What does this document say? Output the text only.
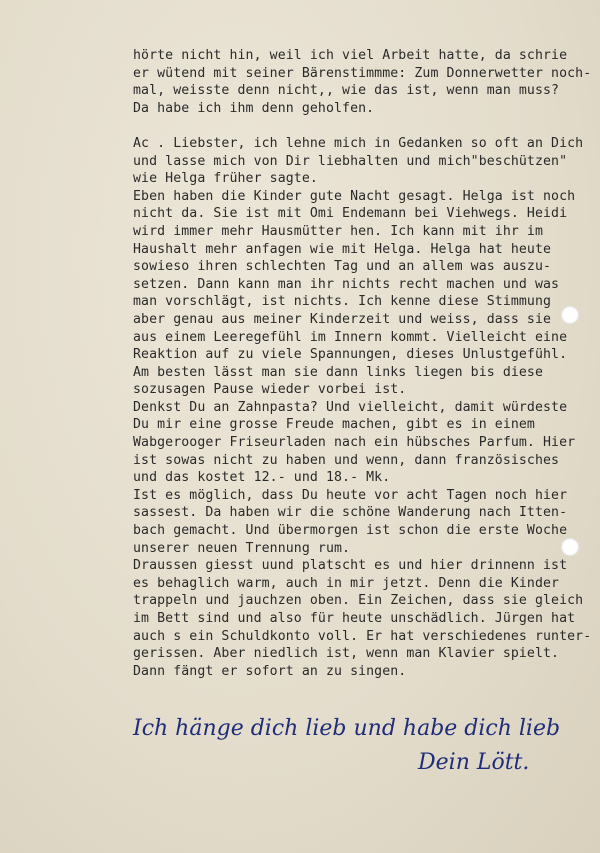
hörte nicht hin, weil ich viel Arbeit hatte, da schrie
er wütend mit seiner Bärenstimmme: Zum Donnerwetter noch-
mal, weisste denn nicht,, wie das ist, wenn man muss?
Da habe ich ihm denn geholfen.
Ac . Liebster, ich lehne mich in Gedanken so oft an Dich
und lasse mich von Dir liebhalten und mich"beschützen"
wie Helga früher sagte.
Eben haben die Kinder gute Nacht gesagt. Helga ist noch
nicht da. Sie ist mit Omi Endemann bei Viehwegs. Heidi
wird immer mehr Hausmütter hen. Ich kann mit ihr im
Haushalt mehr anfagen wie mit Helga. Helga hat heute
sowieso ihren schlechten Tag und an allem was auszu-
setzen. Dann kann man ihr nichts recht machen und was
man vorschlägt, ist nichts. Ich kenne diese Stimmung
aber genau aus meiner Kinderzeit und weiss, dass sie
aus einem Leeregefühl im Innern kommt. Vielleicht eine
Reaktion auf zu viele Spannungen, dieses Unlustgefühl.
Am besten lässt man sie dann links liegen bis diese
sozusagen Pause wieder vorbei ist.
Denkst Du an Zahnpasta? Und vielleicht, damit würdeste
Du mir eine grosse Freude machen, gibt es in einem
Wabgerooger Friseurladen nach ein hübsches Parfum. Hier
ist sowas nicht zu haben und wenn, dann französisches
und das kostet 12.- und 18.- Mk.
Ist es möglich, dass Du heute vor acht Tagen noch hier
sassest. Da haben wir die schöne Wanderung nach Itten-
bach gemacht. Und übermorgen ist schon die erste Woche
unserer neuen Trennung rum.
Draussen giesst uund platscht es und hier drinnenn ist
es behaglich warm, auch in mir jetzt. Denn die Kinder
trappeln und jauchzen oben. Ein Zeichen, dass sie gleich
im Bett sind und also für heute unschädlich. Jürgen hat
auch s ein Schuldkonto voll. Er hat verschiedenes runter-
gerissen. Aber niedlich ist, wenn man Klavier spielt.
Dann fängt er sofort an zu singen.
Ich hänge dich lieb und habe dich lieb
Dein Lött.
